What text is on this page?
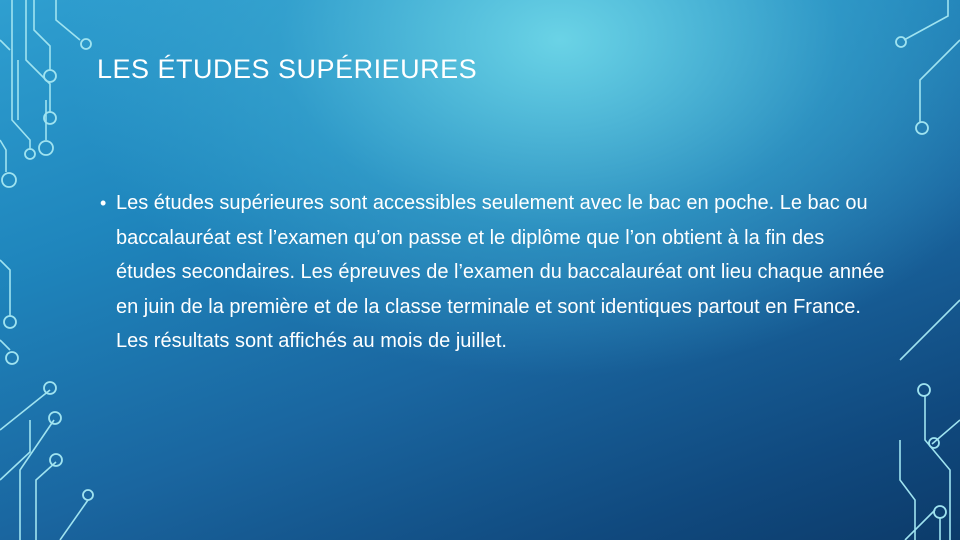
LES ÉTUDES SUPÉRIEURES
• Les études supérieures sont accessibles seulement avec le bac en poche. Le bac ou baccalauréat est l’examen qu’on passe et le diplôme que l’on obtient à la fin des études secondaires. Les épreuves de l’examen du baccalauréat ont lieu chaque année en juin de la première et de la classe terminale et sont identiques partout en France. Les résultats sont affichés au mois de juillet.
